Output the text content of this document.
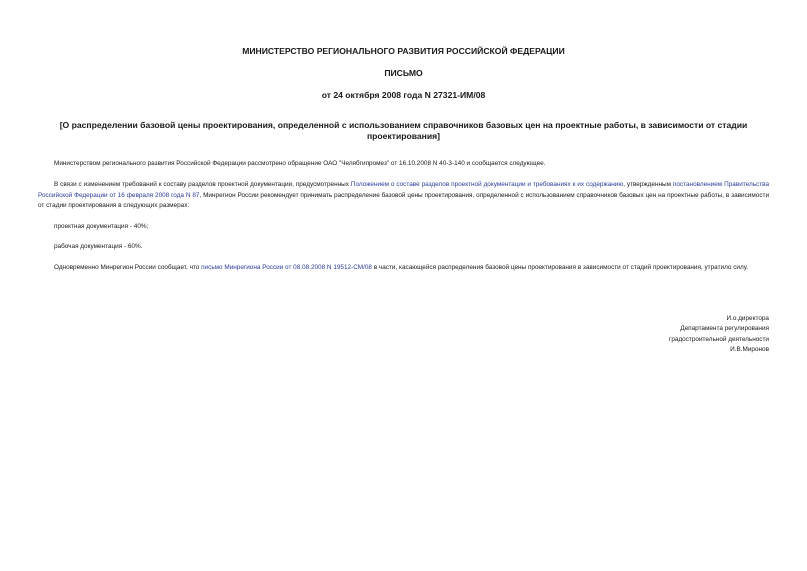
МИНИСТЕРСТВО РЕГИОНАЛЬНОГО РАЗВИТИЯ РОССИЙСКОЙ ФЕДЕРАЦИИ

ПИСЬМО

от 24 октября 2008 года N 27321-ИМ/08

[О распределении базовой цены проектирования, определенной с использованием справочников базовых цен на проектные работы, в зависимости от стадии проектирования]

Министерством регионального развития Российской Федерации рассмотрено обращение ОАО "Челябгипромез" от 16.10.2008 N 40-3-140 и сообщается следующее.

В связи с изменением требований к составу разделов проектной документации, предусмотренных Положением о составе разделов проектной документации и требованиях к их содержанию, утвержденным постановлением Правительства Российской Федерации от 16 февраля 2008 года N 87, Минрегион России рекомендует принимать распределение базовой цены проектирования, определенной с использованием справочников базовых цен на проектные работы, в зависимости от стадии проектирования в следующих размерах:

проектная документация - 40%;

рабочая документация - 60%.

Одновременно Минрегион России сообщает, что письмо Минрегиона России от 08.08.2008 N 19512-СМ/08 в части, касающейся распределения базовой цены проектирования в зависимости от стадий проектирования, утратило силу.

И.о.директора
Департамента регулирования
градостроительной деятельности
И.В.Миронов
